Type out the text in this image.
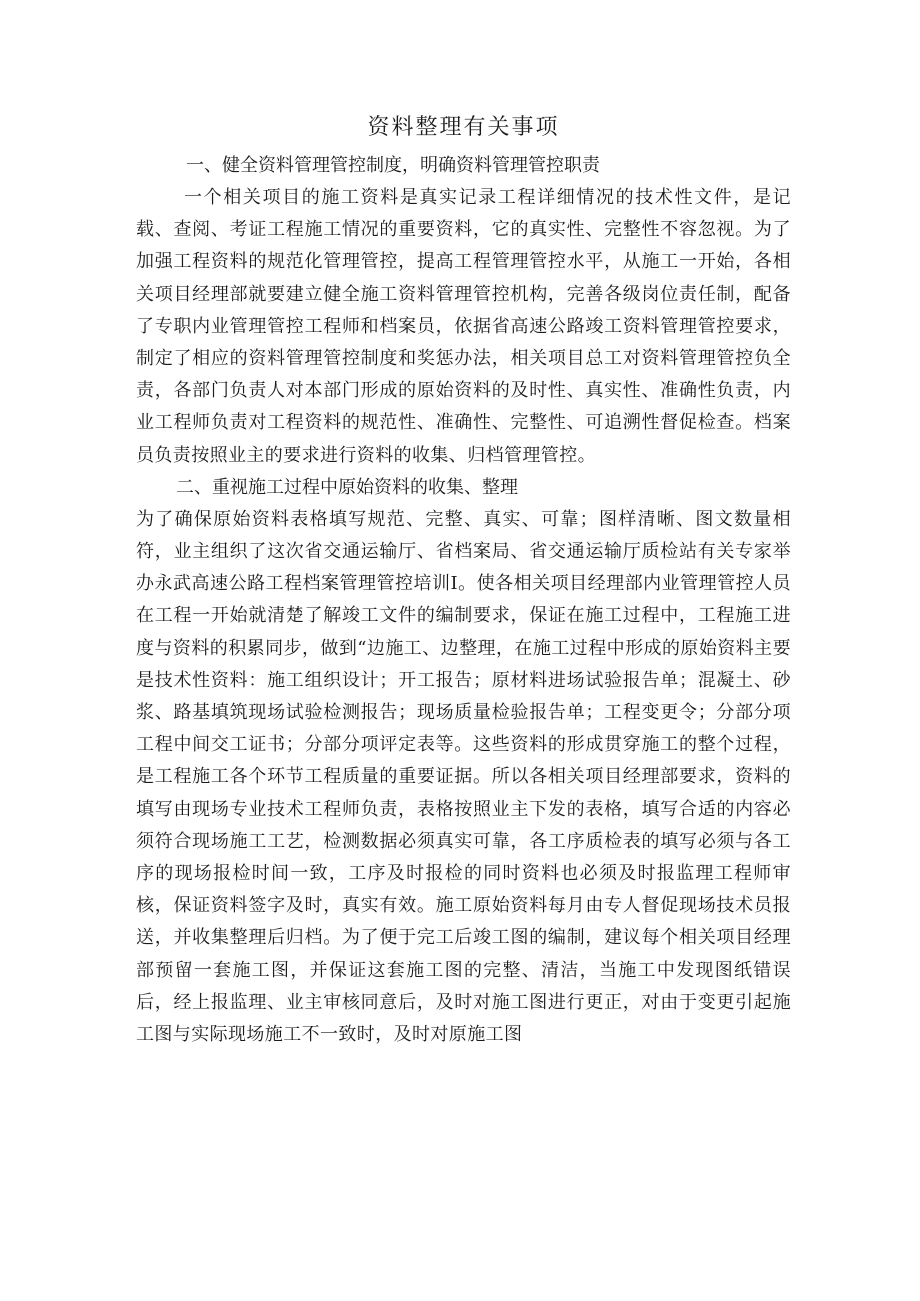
资料整理有关事项
一、健全资料管理管控制度，明确资料管理管控职责

一个相关项目的施工资料是真实记录工程详细情况的技术性文件，是记载、查阅、考证工程施工情况的重要资料，它的真实性、完整性不容忽视。为了加强工程资料的规范化管理管控，提高工程管理管控水平，从施工一开始，各相关项目经理部就要建立健全施工资料管理管控机构，完善各级岗位责任制，配备了专职内业管理管控工程师和档案员，依据省高速公路竣工资料管理管控要求，制定了相应的资料管理管控制度和奖惩办法，相关项目总工对资料管理管控负全责，各部门负责人对本部门形成的原始资料的及时性、真实性、准确性负责，内业工程师负责对工程资料的规范性、准确性、完整性、可追溯性督促检查。档案员负责按照业主的要求进行资料的收集、归档管理管控。

二、重视施工过程中原始资料的收集、整理

为了确保原始资料表格填写规范、完整、真实、可靠；图样清晰、图文数量相符，业主组织了这次省交通运输厅、省档案局、省交通运输厅质检站有关专家举办永武高速公路工程档案管理管控培训Ⅰ。使各相关项目经理部内业管理管控人员在工程一开始就清楚了解竣工文件的编制要求，保证在施工过程中，工程施工进度与资料的积累同步，做到“边施工、边整理，在施工过程中形成的原始资料主要是技术性资料：施工组织设计；开工报告；原材料进场试验报告单；混凝土、砂浆、路基填筑现场试验检测报告；现场质量检验报告单；工程变更令；分部分项工程中间交工证书；分部分项评定表等。这些资料的形成贯穿施工的整个过程，是工程施工各个环节工程质量的重要证据。所以各相关项目经理部要求，资料的填写由现场专业技术工程师负责，表格按照业主下发的表格，填写合适的内容必须符合现场施工工艺，检测数据必须真实可靠，各工序质检表的填写必须与各工序的现场报检时间一致，工序及时报检的同时资料也必须及时报监理工程师审核，保证资料签字及时，真实有效。施工原始资料每月由专人督促现场技术员报送，并收集整理后归档。为了便于完工后竣工图的编制，建议每个相关项目经理部预留一套施工图，并保证这套施工图的完整、清洁，当施工中发现图纸错误后，经上报监理、业主审核同意后，及时对施工图进行更正，对由于变更引起施工图与实际现场施工不一致时，及时对原施工图
